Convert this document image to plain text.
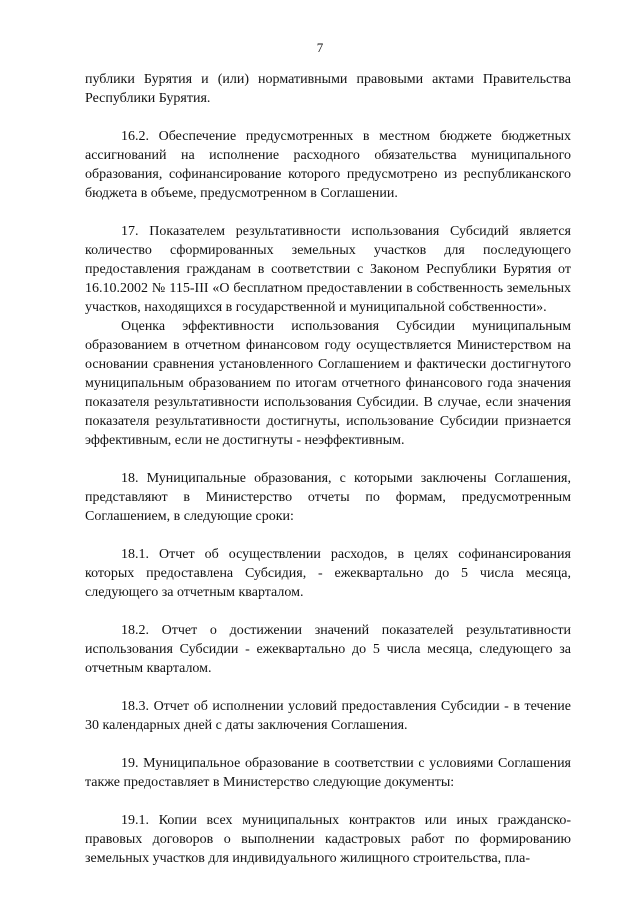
7

публики Бурятия и (или) нормативными правовыми актами Правительства Республики Бурятия.

16.2. Обеспечение предусмотренных в местном бюджете бюджетных ассигнований на исполнение расходного обязательства муниципального образования, софинансирование которого предусмотрено из республиканского бюджета в объеме, предусмотренном в Соглашении.

17. Показателем результативности использования Субсидий является количество сформированных земельных участков для последующего предоставления гражданам в соответствии с Законом Республики Бурятия от 16.10.2002 № 115-III «О бесплатном предоставлении в собственность земельных участков, находящихся в государственной и муниципальной собственности».

Оценка эффективности использования Субсидии муниципальным образованием в отчетном финансовом году осуществляется Министерством на основании сравнения установленного Соглашением и фактически достигнутого муниципальным образованием по итогам отчетного финансового года значения показателя результативности использования Субсидии. В случае, если значения показателя результативности достигнуты, использование Субсидии признается эффективным, если не достигнуты - неэффективным.

18. Муниципальные образования, с которыми заключены Соглашения, представляют в Министерство отчеты по формам, предусмотренным Соглашением, в следующие сроки:

18.1. Отчет об осуществлении расходов, в целях софинансирования которых предоставлена Субсидия, - ежеквартально до 5 числа месяца, следующего за отчетным кварталом.

18.2. Отчет о достижении значений показателей результативности использования Субсидии - ежеквартально до 5 числа месяца, следующего за отчетным кварталом.

18.3. Отчет об исполнении условий предоставления Субсидии - в течение 30 календарных дней с даты заключения Соглашения.

19. Муниципальное образование в соответствии с условиями Соглашения также предоставляет в Министерство следующие документы:

19.1. Копии всех муниципальных контрактов или иных гражданско-правовых договоров о выполнении кадастровых работ по формированию земельных участков для индивидуального жилищного строительства, пла-
